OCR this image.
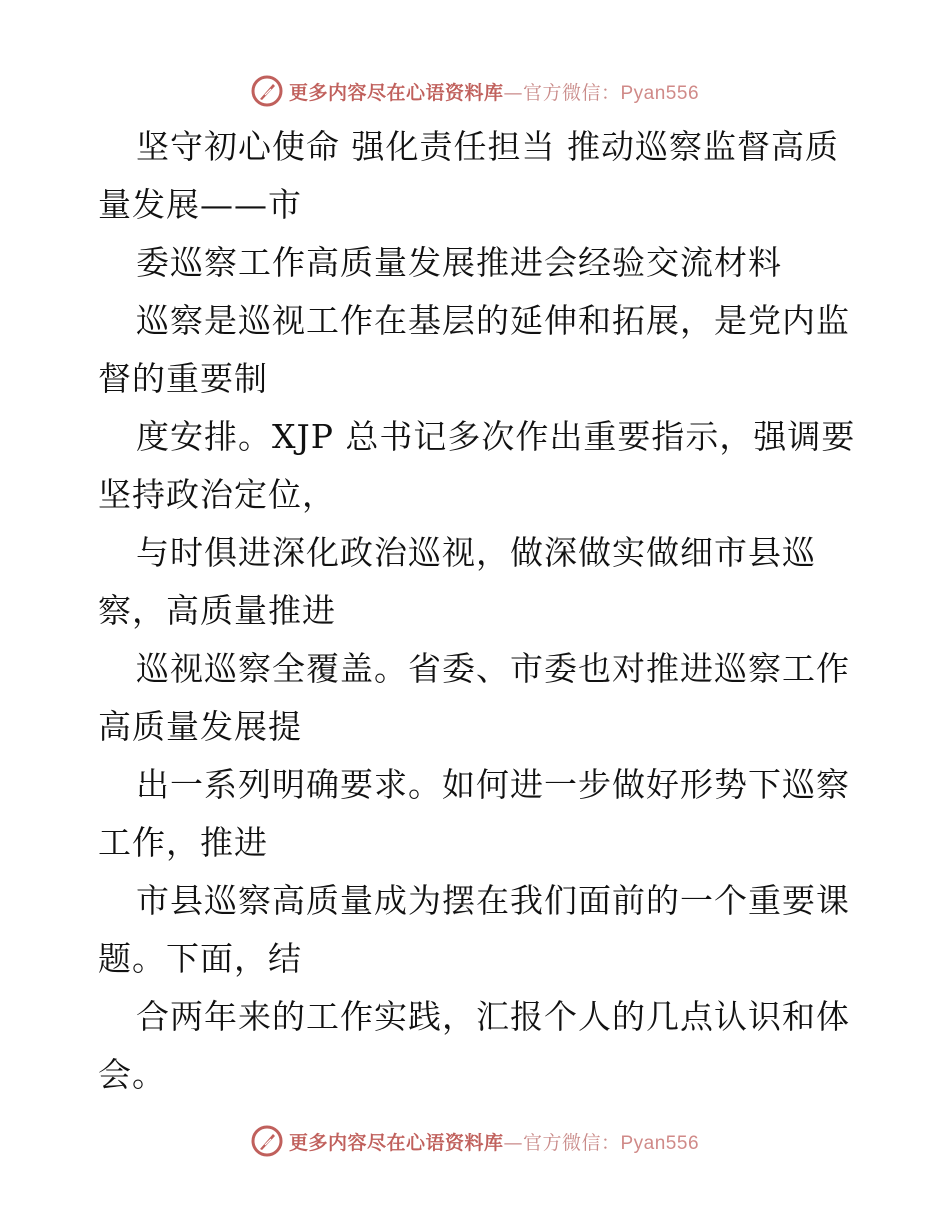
更多内容尽在心语资料库—官方微信：Pyan556
坚守初心使命 强化责任担当 推动巡察监督高质
量发展——市
委巡察工作高质量发展推进会经验交流材料
巡察是巡视工作在基层的延伸和拓展，是党内监
督的重要制
度安排。XJP 总书记多次作出重要指示，强调要
坚持政治定位，
与时俱进深化政治巡视，做深做实做细市县巡
察，高质量推进
巡视巡察全覆盖。省委、市委也对推进巡察工作
高质量发展提
出一系列明确要求。如何进一步做好形势下巡察
工作，推进
市县巡察高质量成为摆在我们面前的一个重要课
题。下面，结
合两年来的工作实践，汇报个人的几点认识和体
会。
更多内容尽在心语资料库—官方微信：Pyan556
